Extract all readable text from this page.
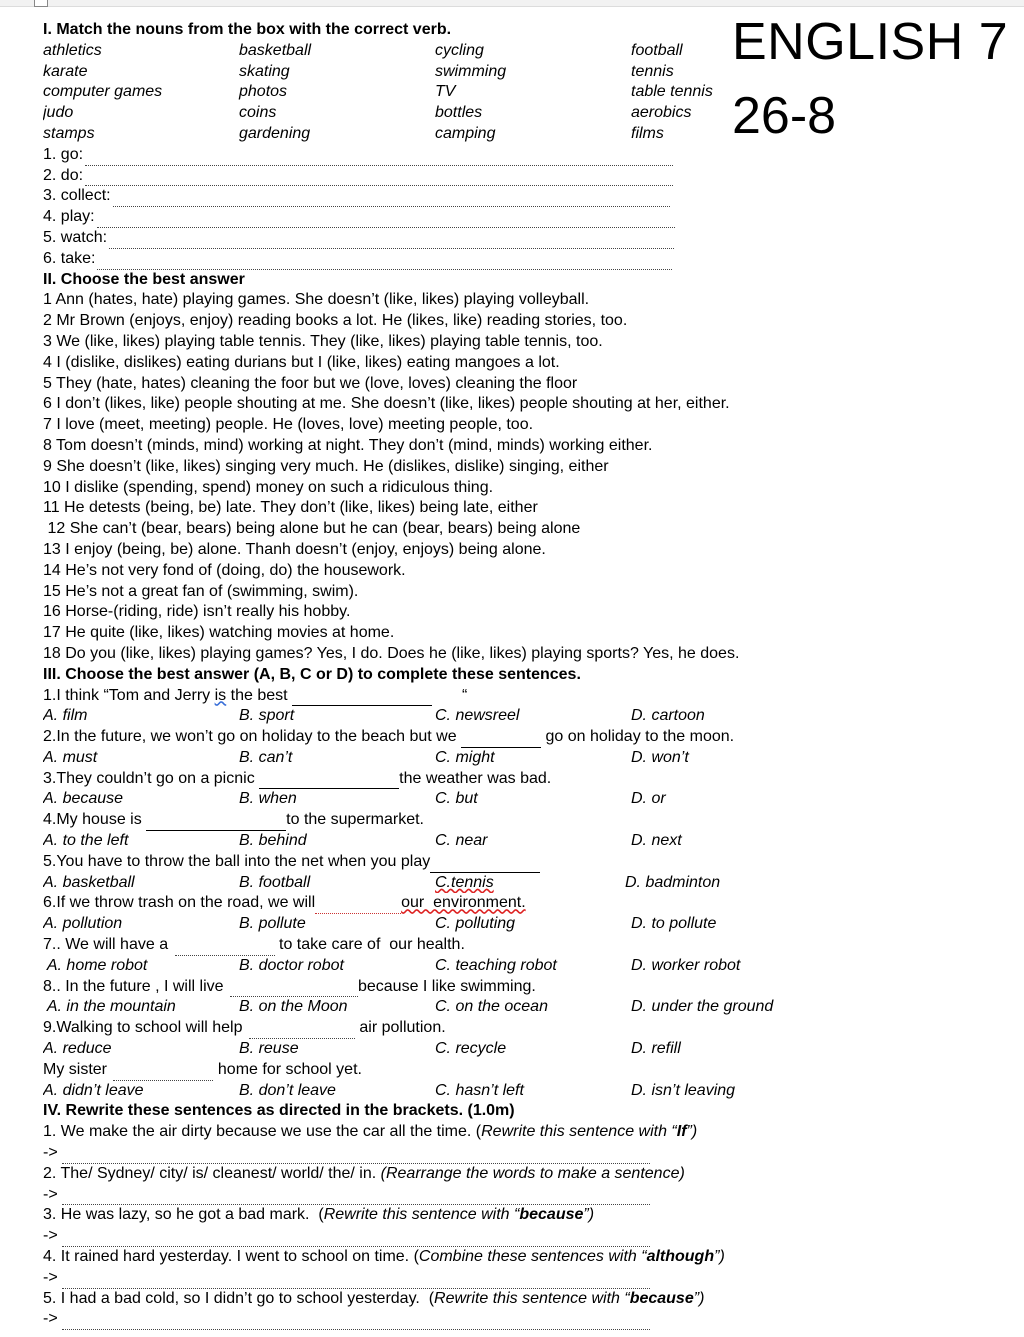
ENGLISH 7
26-8
I. Match the nouns from the box with the correct verb.
athletics	basketball	cycling	football
karate	skating	swimming	tennis
computer games	photos	TV	table tennis
judo	coins	bottles	aerobics
stamps	gardening	camping	films
1. go:
2. do:
3. collect:
4. play:
5. watch:
6. take:
II. Choose the best answer
1 Ann (hates, hate) playing games. She doesn’t (like, likes) playing volleyball.
2 Mr Brown (enjoys, enjoy) reading books a lot. He (likes, like) reading stories, too.
3 We (like, likes) playing table tennis. They (like, likes) playing table tennis, too.
4 I (dislike, dislikes) eating durians but I (like, likes) eating mangoes a lot.
5 They (hate, hates) cleaning the foor but we (love, loves) cleaning the floor
6 I don’t (likes, like) people shouting at me. She doesn’t (like, likes) people shouting at her, either.
7 I love (meet, meeting) people. He (loves, love) meeting people, too.
8 Tom doesn’t (minds, mind) working at night. They don’t (mind, minds) working either.
9 She doesn’t (like, likes) singing very much. He (dislikes, dislike) singing, either
10 I dislike (spending, spend) money on such a ridiculous thing.
11 He detests (being, be) late. They don’t (like, likes) being late, either
12 She can’t (bear, bears) being alone but he can (bear, bears) being alone
13 I enjoy (being, be) alone. Thanh doesn’t (enjoy, enjoys) being alone.
14 He’s not very fond of (doing, do) the housework.
15 He’s not a great fan of (swimming, swim).
16 Horse-(riding, ride) isn’t really his hobby.
17 He quite (like, likes) watching movies at home.
18 Do you (like, likes) playing games? Yes, I do. Does he (like, likes) playing sports? Yes, he does.
III. Choose the best answer (A, B, C or D) to complete these sentences.
1.I think “Tom and Jerry is the best	“
A. film	B. sport	C. newsreel	D. cartoon
2.In the future, we won’t go on holiday to the beach but we	go on holiday to the moon.
A. must	B. can’t	C. might	D. won’t
3.They couldn’t go on a picnic	the weather was bad.
A. because	B. when	C. but	D. or
4.My house is	to the supermarket.
A. to the left	B. behind	C. near	D. next
5.You have to throw the ball into the net when you play
A. basketball	B. football	C.tennis	D. badminton
6.If we throw trash on the road, we will	our  environment.
A. pollution	B. pollute	C. polluting	D. to pollute
7.. We will have a	to take care of  our health.
A. home robot	B. doctor robot	C. teaching robot	D. worker robot
8.. In the future , I will live	because I like swimming.
A. in the mountain	B. on the Moon	C. on the ocean	D. under the ground
9.Walking to school will help	air pollution.
A. reduce	B. reuse	C. recycle	D. refill
My sister	home for school yet.
A. didn’t leave	B. don’t leave	C. hasn’t left	D. isn’t leaving
IV. Rewrite these sentences as directed in the brackets. (1.0m)
1. We make the air dirty because we use the car all the time. (Rewrite this sentence with “If”)
->
2. The/ Sydney/ city/ is/ cleanest/ world/ the/ in. (Rearrange the words to make a sentence)
->
3. He was lazy, so he got a bad mark.  (Rewrite this sentence with “because”)
->
4. It rained hard yesterday. I went to school on time. (Combine these sentences with “although”)
->
5. I had a bad cold, so I didn’t go to school yesterday.  (Rewrite this sentence with “because”)
->
